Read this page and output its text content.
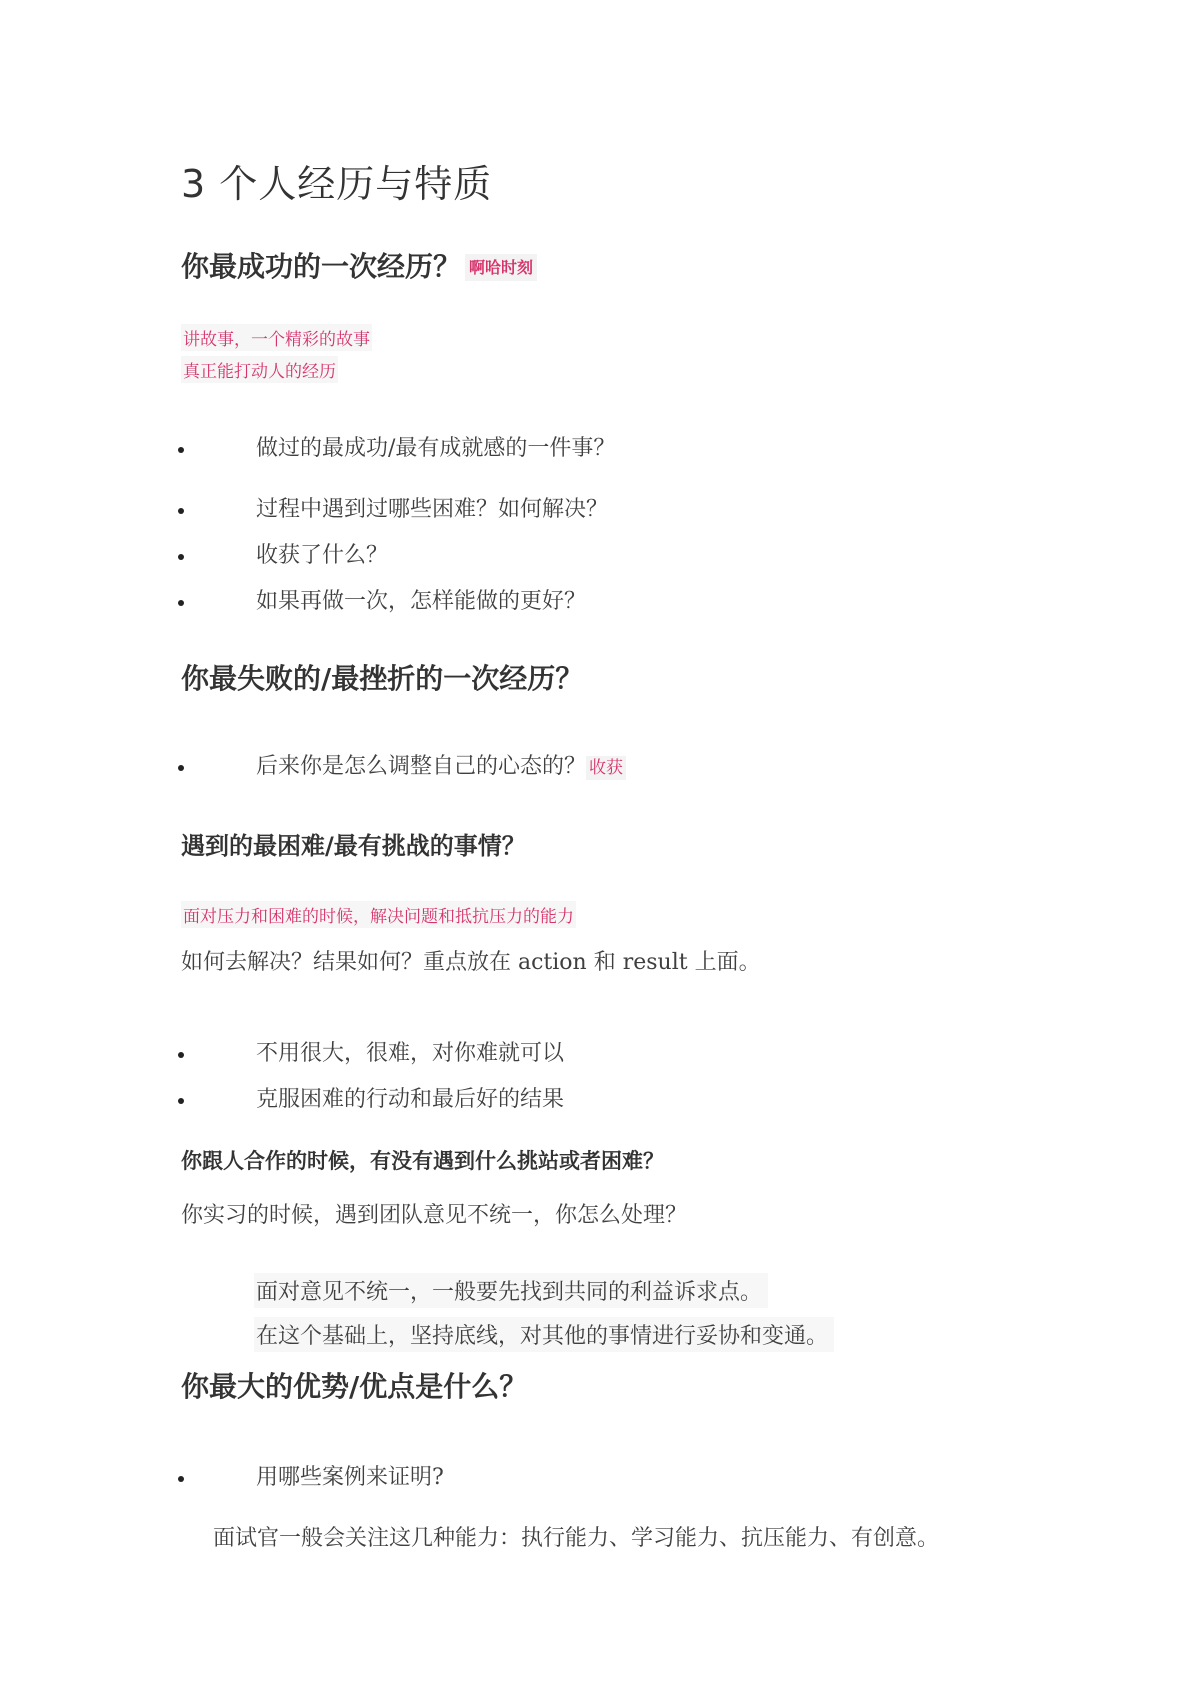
3 个人经历与特质
你最成功的一次经历？ 啊哈时刻
讲故事，一个精彩的故事
真正能打动人的经历
做过的最成功/最有成就感的一件事？
过程中遇到过哪些困难？如何解决？
收获了什么？
如果再做一次，怎样能做的更好？
你最失败的/最挫折的一次经历？
后来你是怎么调整自己的心态的？ 收获
遇到的最困难/最有挑战的事情？
面对压力和困难的时候，解决问题和抵抗压力的能力
如何去解决？结果如何？重点放在 action 和 result 上面。
不用很大，很难，对你难就可以
克服困难的行动和最后好的结果
你跟人合作的时候，有没有遇到什么挑站或者困难？
你实习的时候，遇到团队意见不统一，你怎么处理？
面对意见不统一，一般要先找到共同的利益诉求点。
在这个基础上，坚持底线，对其他的事情进行妥协和变通。
你最大的优势/优点是什么？
用哪些案例来证明?
面试官一般会关注这几种能力：执行能力、学习能力、抗压能力、有创意。
